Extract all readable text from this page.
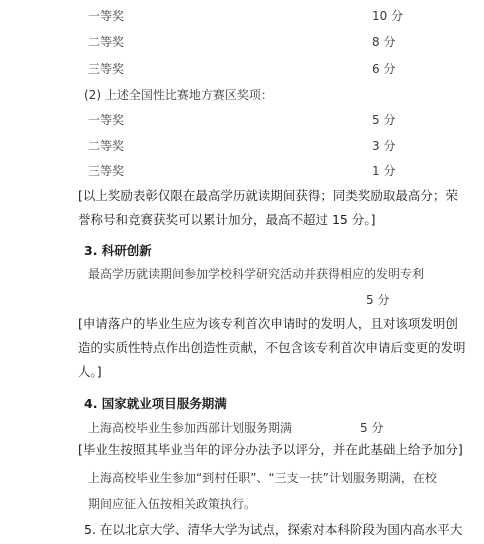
一等奖	10 分
二等奖	8 分
三等奖	6 分
(2) 上述全国性比赛地方赛区奖项：
一等奖	5 分
二等奖	3 分
三等奖	1 分
[以上奖励表彰仅限在最高学历就读期间获得；同类奖励取最高分；荣
誉称号和竞赛获奖可以累计加分，最高不超过 15 分。]
3. 科研创新
最高学历就读期间参加学校科学研究活动并获得相应的发明专利
5 分
[申请落户的毕业生应为该专利首次申请时的发明人，且对该项发明创
造的实质性特点作出创造性贡献，不包含该专利首次申请后变更的发明
人。]
4. 国家就业项目服务期满
上海高校毕业生参加西部计划服务期满	5 分
[毕业生按照其毕业当年的评分办法予以评分，并在此基础上给予加分]
上海高校毕业生参加“到村任职”、“三支一扶”计划服务期满，在校
期间应征入伍按相关政策执行。
5. 在以北京大学、清华大学为试点，探索对本科阶段为国内高水平大
